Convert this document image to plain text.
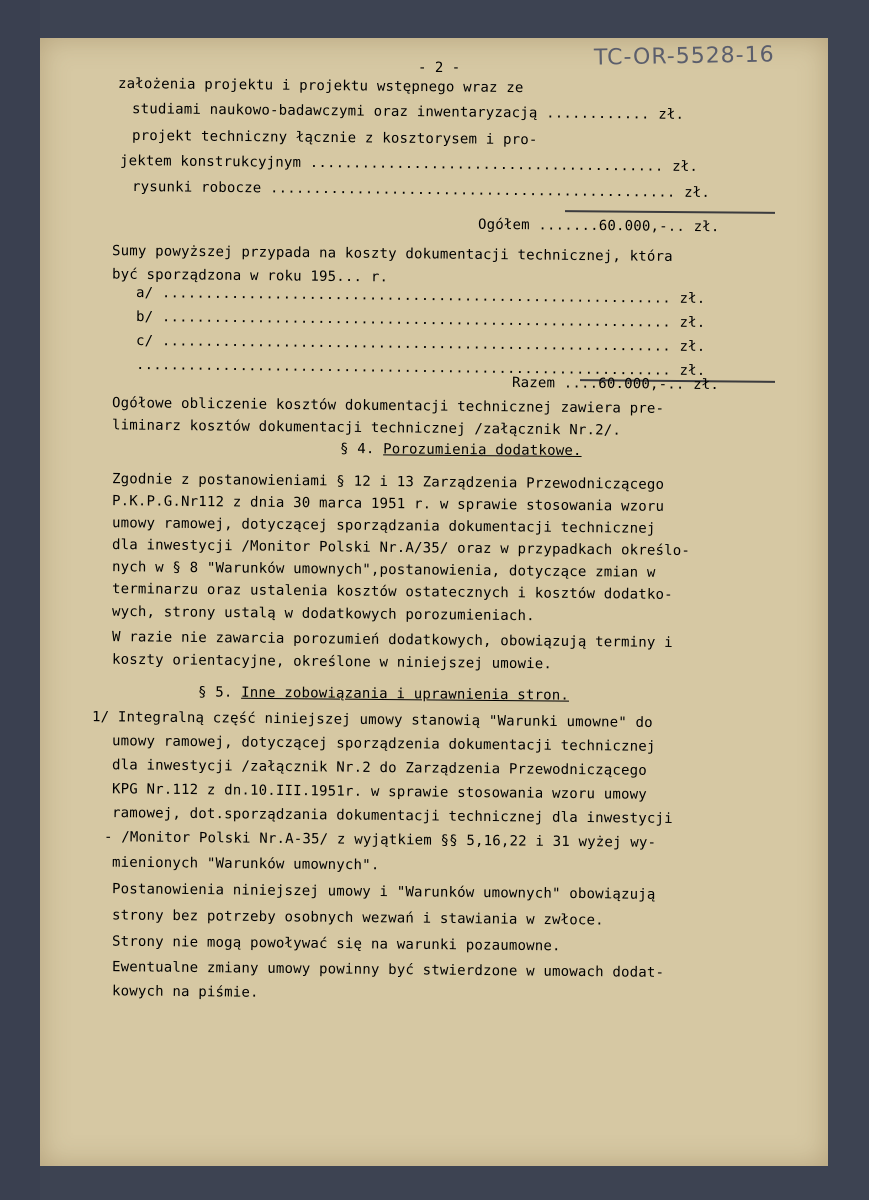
TC-OR-5528-16
- 2 -
założenia projektu i projektu wstępnego wraz ze
studiami naukowo-badawczymi oraz inwentaryzacją ............ zł.
projekt techniczny łącznie z kosztorysem i pro-
jektem konstrukcyjnym ......................................... zł.
rysunki robocze ............................................... zł.
Ogółem .......60.000,-.. zł.
Sumy powyższej przypada na koszty dokumentacji technicznej, która
być sporządzona w roku 195... r.
a/ ........................................................... zł.
b/ ........................................................... zł.
c/ ........................................................... zł.
.............................................................. zł.
Razem ....60.000,-.. zł.
Ogółowe obliczenie kosztów dokumentacji technicznej zawiera pre-
liminarz kosztów dokumentacji technicznej /załącznik Nr.2/.
§ 4. Porozumienia dodatkowe.
Zgodnie z postanowieniami § 12 i 13 Zarządzenia Przewodniczącego
P.K.P.G.Nr112 z dnia 30 marca 1951 r. w sprawie stosowania wzoru
umowy ramowej, dotyczącej sporządzania dokumentacji technicznej
dla inwestycji /Monitor Polski Nr.A/35/ oraz w przypadkach określo-
nych w § 8 "Warunków umownych",postanowienia, dotyczące zmian w
terminarzu oraz ustalenia kosztów ostatecznych i kosztów dodatko-
wych, strony ustalą w dodatkowych porozumieniach.
W razie nie zawarcia porozumień dodatkowych, obowiązują terminy i
koszty orientacyjne, określone w niniejszej umowie.
§ 5. Inne zobowiązania i uprawnienia stron.
1/ Integralną część niniejszej umowy stanowią "Warunki umowne" do
umowy ramowej, dotyczącej sporządzenia dokumentacji technicznej
dla inwestycji /załącznik Nr.2 do Zarządzenia Przewodniczącego
KPG Nr.112 z dn.10.III.1951r. w sprawie stosowania wzoru umowy
ramowej, dot.sporządzania dokumentacji technicznej dla inwestycji
- /Monitor Polski Nr.A-35/ z wyjątkiem §§ 5,16,22 i 31 wyżej wy-
mienionych "Warunków umownych".
Postanowienia niniejszej umowy i "Warunków umownych" obowiązują
strony bez potrzeby osobnych wezwań i stawiania w zwłoce.
Strony nie mogą powoływać się na warunki pozaumowne.
Ewentualne zmiany umowy powinny być stwierdzone w umowach dodat-
kowych na piśmie.
